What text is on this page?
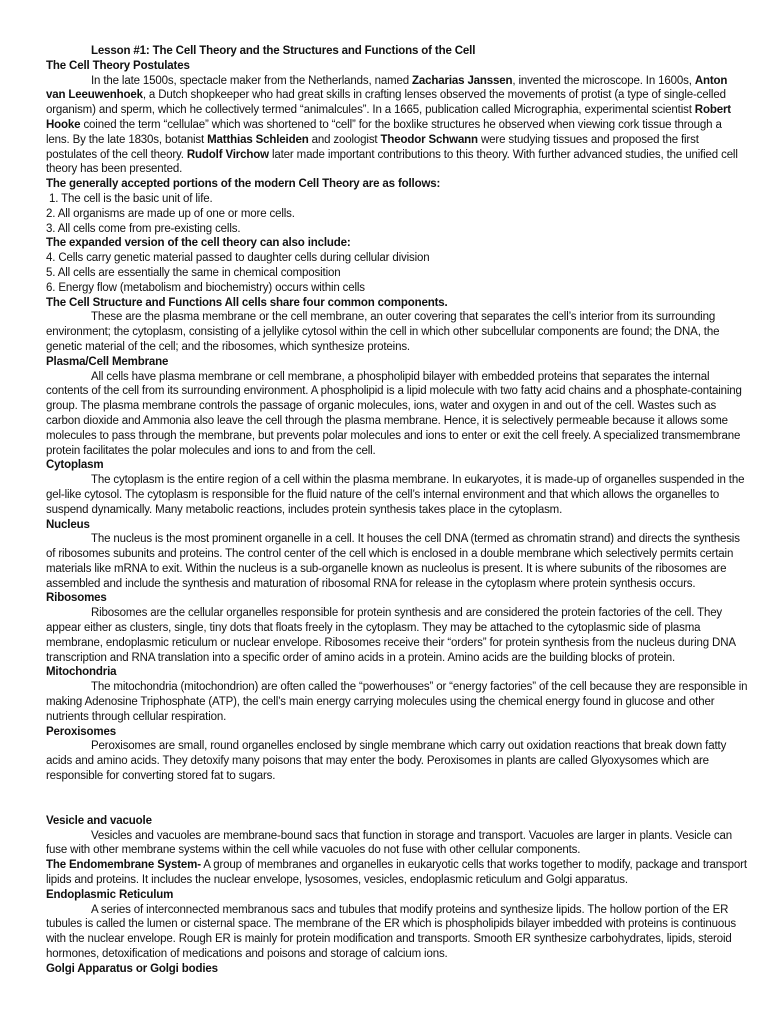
Lesson #1: The Cell Theory and the Structures and Functions of the Cell
The Cell Theory Postulates

In the late 1500s, spectacle maker from the Netherlands, named Zacharias Janssen, invented the microscope. In 1600s, Anton van Leeuwenhoek, a Dutch shopkeeper who had great skills in crafting lenses observed the movements of protist (a type of single-celled organism) and sperm, which he collectively termed “animalcules”. In a 1665, publication called Micrographia, experimental scientist Robert Hooke coined the term “cellulae” which was shortened to “cell” for the boxlike structures he observed when viewing cork tissue through a lens. By the late 1830s, botanist Matthias Schleiden and zoologist Theodor Schwann were studying tissues and proposed the first postulates of the cell theory. Rudolf Virchow later made important contributions to this theory. With further advanced studies, the unified cell theory has been presented.

The generally accepted portions of the modern Cell Theory are as follows:
1. The cell is the basic unit of life.
2. All organisms are made up of one or more cells.
3. All cells come from pre-existing cells.
The expanded version of the cell theory can also include:
4. Cells carry genetic material passed to daughter cells during cellular division
5. All cells are essentially the same in chemical composition
6. Energy flow (metabolism and biochemistry) occurs within cells
The Cell Structure and Functions All cells share four common components.

These are the plasma membrane or the cell membrane, an outer covering that separates the cell’s interior from its surrounding environment; the cytoplasm, consisting of a jellylike cytosol within the cell in which other subcellular components are found; the DNA, the genetic material of the cell; and the ribosomes, which synthesize proteins.

Plasma/Cell Membrane

All cells have plasma membrane or cell membrane, a phospholipid bilayer with embedded proteins that separates the internal contents of the cell from its surrounding environment. A phospholipid is a lipid molecule with two fatty acid chains and a phosphate-containing group. The plasma membrane controls the passage of organic molecules, ions, water and oxygen in and out of the cell. Wastes such as carbon dioxide and Ammonia also leave the cell through the plasma membrane. Hence, it is selectively permeable because it allows some molecules to pass through the membrane, but prevents polar molecules and ions to enter or exit the cell freely. A specialized transmembrane protein facilitates the polar molecules and ions to and from the cell.

Cytoplasm

The cytoplasm is the entire region of a cell within the plasma membrane. In eukaryotes, it is made-up of organelles suspended in the gel-like cytosol. The cytoplasm is responsible for the fluid nature of the cell’s internal environment and that which allows the organelles to suspend dynamically. Many metabolic reactions, includes protein synthesis takes place in the cytoplasm.

Nucleus

The nucleus is the most prominent organelle in a cell. It houses the cell DNA (termed as chromatin strand) and directs the synthesis of ribosomes subunits and proteins. The control center of the cell which is enclosed in a double membrane which selectively permits certain materials like mRNA to exit. Within the nucleus is a sub-organelle known as nucleolus is present. It is where subunits of the ribosomes are assembled and include the synthesis and maturation of ribosomal RNA for release in the cytoplasm where protein synthesis occurs.

Ribosomes

Ribosomes are the cellular organelles responsible for protein synthesis and are considered the protein factories of the cell. They appear either as clusters, single, tiny dots that floats freely in the cytoplasm. They may be attached to the cytoplasmic side of plasma membrane, endoplasmic reticulum or nuclear envelope. Ribosomes receive their “orders” for protein synthesis from the nucleus during DNA transcription and RNA translation into a specific order of amino acids in a protein. Amino acids are the building blocks of protein.

Mitochondria

The mitochondria (mitochondrion) are often called the “powerhouses” or “energy factories” of the cell because they are responsible in making Adenosine Triphosphate (ATP), the cell’s main energy carrying molecules using the chemical energy found in glucose and other nutrients through cellular respiration.

Peroxisomes

Peroxisomes are small, round organelles enclosed by single membrane which carry out oxidation reactions that break down fatty acids and amino acids. They detoxify many poisons that may enter the body. Peroxisomes in plants are called Glyoxysomes which are responsible for converting stored fat to sugars.

Vesicle and vacuole

Vesicles and vacuoles are membrane-bound sacs that function in storage and transport. Vacuoles are larger in plants. Vesicle can fuse with other membrane systems within the cell while vacuoles do not fuse with other cellular components.

The Endomembrane System- A group of membranes and organelles in eukaryotic cells that works together to modify, package and transport lipids and proteins. It includes the nuclear envelope, lysosomes, vesicles, endoplasmic reticulum and Golgi apparatus.

Endoplasmic Reticulum

A series of interconnected membranous sacs and tubules that modify proteins and synthesize lipids. The hollow portion of the ER tubules is called the lumen or cisternal space. The membrane of the ER which is phospholipids bilayer imbedded with proteins is continuous with the nuclear envelope. Rough ER is mainly for protein modification and transports. Smooth ER synthesize carbohydrates, lipids, steroid hormones, detoxification of medications and poisons and storage of calcium ions.

Golgi Apparatus or Golgi bodies
